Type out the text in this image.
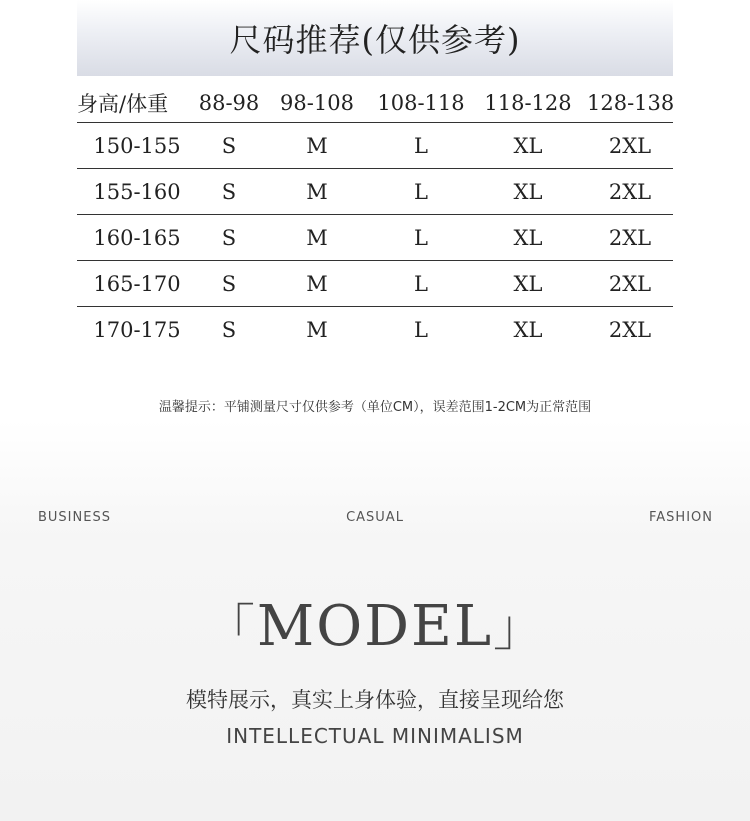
尺码推荐(仅供参考)
身高/体重	88-98	98-108	108-118	118-128	128-138
150-155	S	M	L	XL	2XL
155-160	S	M	L	XL	2XL
160-165	S	M	L	XL	2XL
165-170	S	M	L	XL	2XL
170-175	S	M	L	XL	2XL
温馨提示：平铺测量尺寸仅供参考（单位CM），误差范围1-2CM为正常范围
BUSINESS	CASUAL	FASHION
「MODEL」
模特展示，真实上身体验，直接呈现给您
INTELLECTUAL MINIMALISM
